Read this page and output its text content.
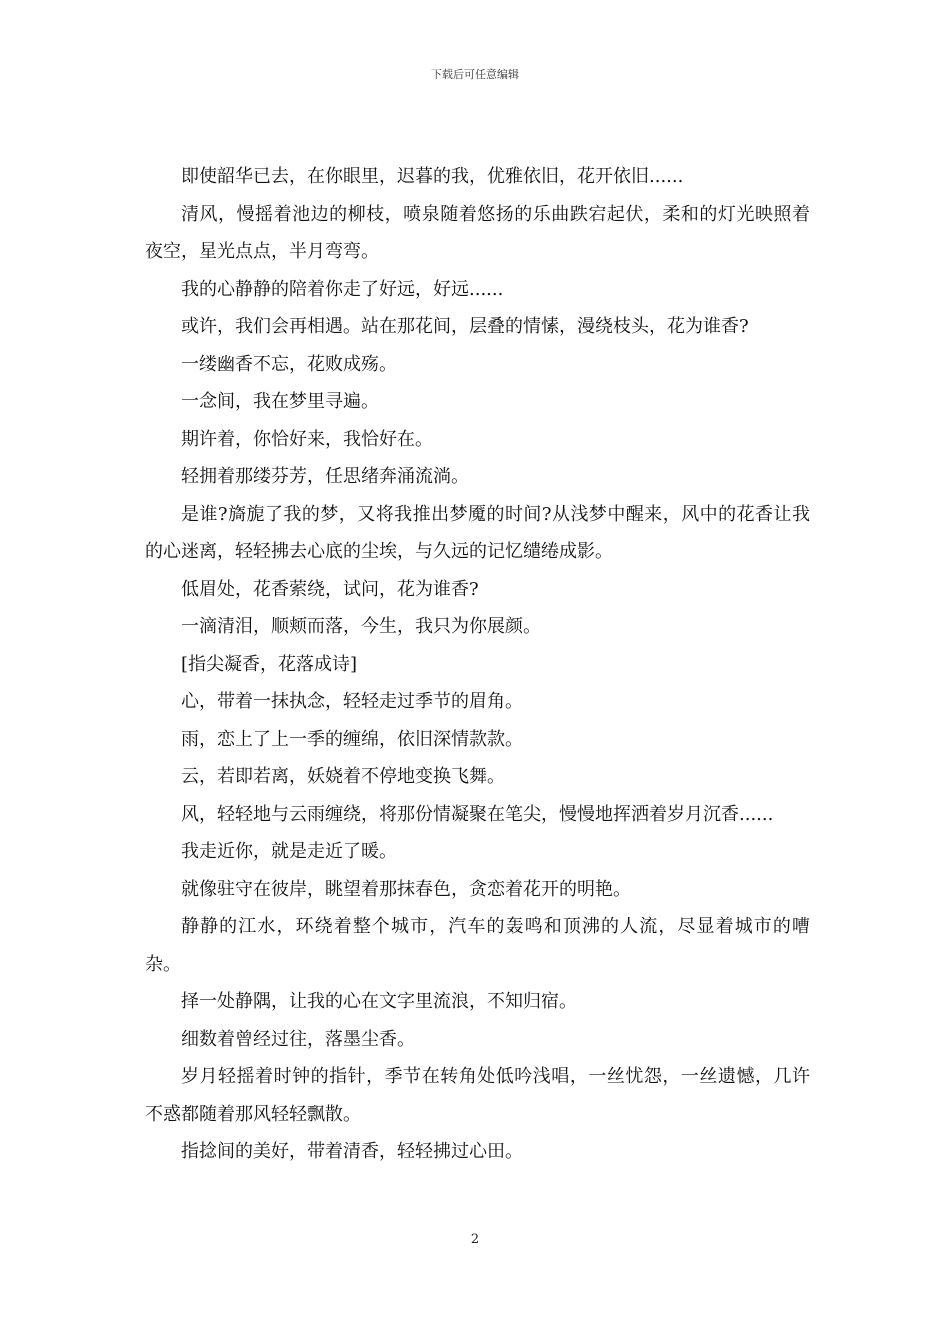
下载后可任意编辑

即使韶华已去，在你眼里，迟暮的我，优雅依旧，花开依旧......

清风，慢摇着池边的柳枝，喷泉随着悠扬的乐曲跌宕起伏，柔和的灯光映照着夜空，星光点点，半月弯弯。

我的心静静的陪着你走了好远，好远......

或许，我们会再相遇。站在那花间，层叠的情愫，漫绕枝头，花为谁香?

一缕幽香不忘，花败成殇。

一念间，我在梦里寻遍。

期许着，你恰好来，我恰好在。

轻拥着那缕芬芳，任思绪奔涌流淌。

是谁?旖旎了我的梦，又将我推出梦魇的时间?从浅梦中醒来，风中的花香让我的心迷离，轻轻拂去心底的尘埃，与久远的记忆缱绻成影。

低眉处，花香萦绕，试问，花为谁香?

一滴清泪，顺颊而落，今生，我只为你展颜。

[指尖凝香，花落成诗]

心，带着一抹执念，轻轻走过季节的眉角。

雨，恋上了上一季的缠绵，依旧深情款款。

云，若即若离，妖娆着不停地变换飞舞。

风，轻轻地与云雨缠绕，将那份情凝聚在笔尖，慢慢地挥洒着岁月沉香......

我走近你，就是走近了暖。

就像驻守在彼岸，眺望着那抹春色，贪恋着花开的明艳。

静静的江水，环绕着整个城市，汽车的轰鸣和顶沸的人流，尽显着城市的嘈杂。

择一处静隅，让我的心在文字里流浪，不知归宿。

细数着曾经过往，落墨尘香。

岁月轻摇着时钟的指针，季节在转角处低吟浅唱，一丝忧怨，一丝遗憾，几许不惑都随着那风轻轻飘散。

指捻间的美好，带着清香，轻轻拂过心田。

2
